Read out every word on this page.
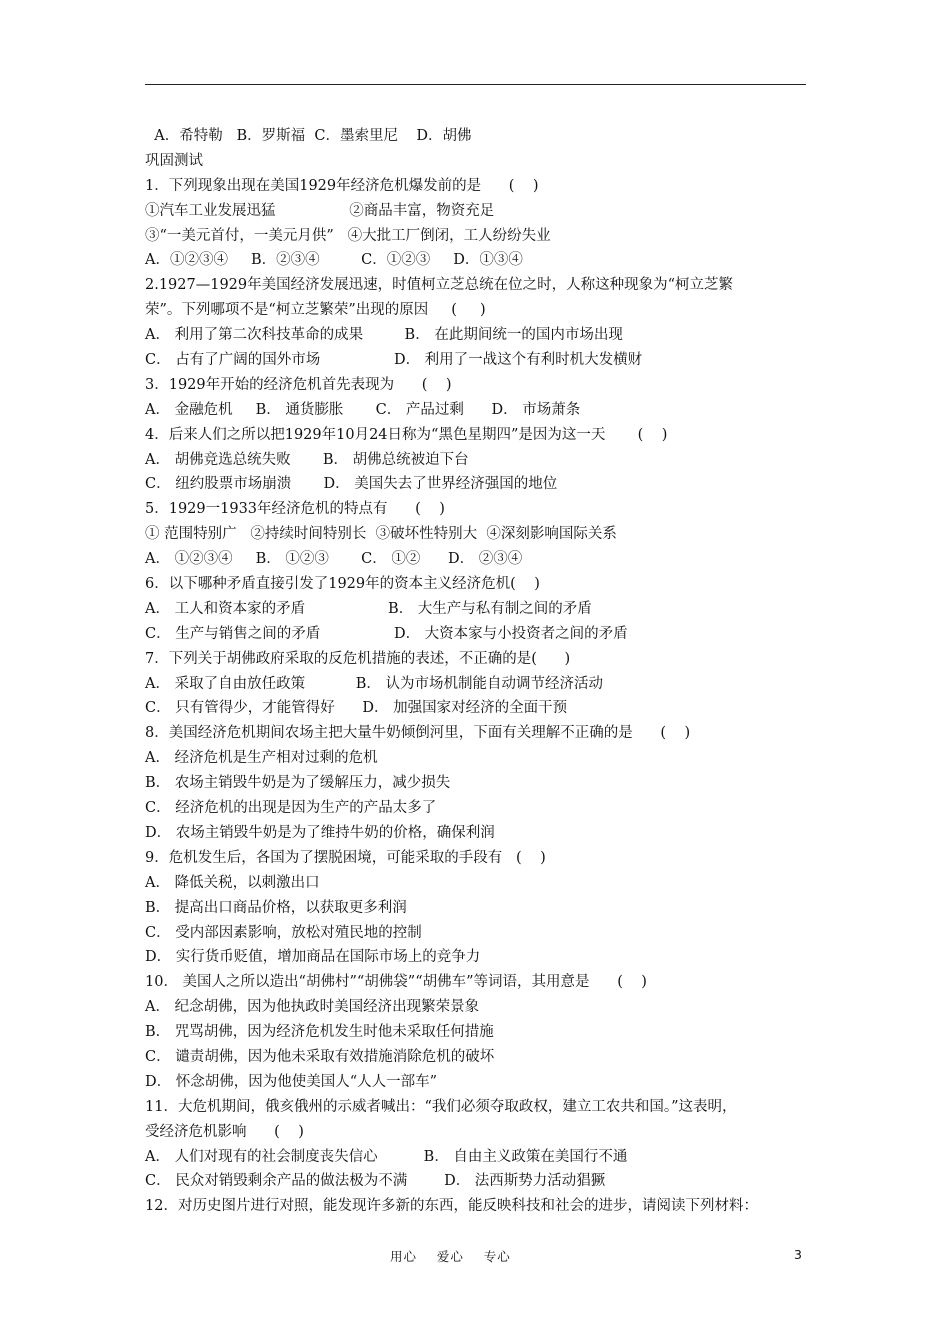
A．希特勒   B．罗斯福  C．墨索里尼    D．胡佛
巩固测试
1．下列现象出现在美国1929年经济危机爆发前的是      (    )
①汽车工业发展迅猛                ②商品丰富，物资充足
③“一美元首付，一美元月供”   ④大批工厂倒闭，工人纷纷失业
A．①②③④     B．②③④         C．①②③     D．①③④
2.1927—1929年美国经济发展迅速，时值柯立芝总统在位之时，人称这种现象为“柯立芝繁
荣”。下列哪项不是“柯立芝繁荣”出现的原因     (     )
A． 利用了第二次科技革命的成果         B． 在此期间统一的国内市场出现
C． 占有了广阔的国外市场                D． 利用了一战这个有利时机大发横财
3．1929年开始的经济危机首先表现为      (    )
A． 金融危机     B． 通货膨胀       C． 产品过剩      D． 市场萧条
4．后来人们之所以把1929年10月24日称为“黑色星期四”是因为这一天       (    )
A． 胡佛竞选总统失败       B． 胡佛总统被迫下台
C． 纽约股票市场崩溃       D． 美国失去了世界经济强国的地位
5．1929一1933年经济危机的特点有      (    )
① 范围特别广   ②持续时间特别长  ③破坏性特别大  ④深刻影响国际关系
A． ①②③④     B． ①②③       C． ①②      D． ②③④
6．以下哪种矛盾直接引发了1929年的资本主义经济危机(    )
A． 工人和资本家的矛盾                  B． 大生产与私有制之间的矛盾
C． 生产与销售之间的矛盾                D． 大资本家与小投资者之间的矛盾
7．下列关于胡佛政府采取的反危机措施的表述，不正确的是(      )
A． 采取了自由放任政策           B． 认为市场机制能自动调节经济活动
C． 只有管得少，才能管得好      D． 加强国家对经济的全面干预
8．美国经济危机期间农场主把大量牛奶倾倒河里，下面有关理解不正确的是      (    )
A． 经济危机是生产相对过剩的危机
B． 农场主销毁牛奶是为了缓解压力，减少损失
C． 经济危机的出现是因为生产的产品太多了
D． 农场主销毁牛奶是为了维持牛奶的价格，确保利润
9．危机发生后，各国为了摆脱困境，可能采取的手段有   (    )
A． 降低关税，以刺激出口
B． 提高出口商品价格，以获取更多利润
C． 受内部因素影响，放松对殖民地的控制
D． 实行货币贬值，增加商品在国际市场上的竞争力
10． 美国人之所以造出“胡佛村”“胡佛袋”“胡佛车”等词语，其用意是      (    )
A． 纪念胡佛，因为他执政时美国经济出现繁荣景象
B． 咒骂胡佛，因为经济危机发生时他未采取任何措施
C． 谴责胡佛，因为他未采取有效措施消除危机的破坏
D． 怀念胡佛，因为他使美国人“人人一部车”
11．大危机期间，俄亥俄州的示威者喊出：“我们必须夺取政权，建立工农共和国。”这表明，
受经济危机影响      (    )
A． 人们对现有的社会制度丧失信心          B． 自由主义政策在美国行不通
C． 民众对销毁剩余产品的做法极为不满        D． 法西斯势力活动猖獗
12．对历史图片进行对照，能发现许多新的东西，能反映科技和社会的进步，请阅读下列材料：
用心    爱心    专心	3
